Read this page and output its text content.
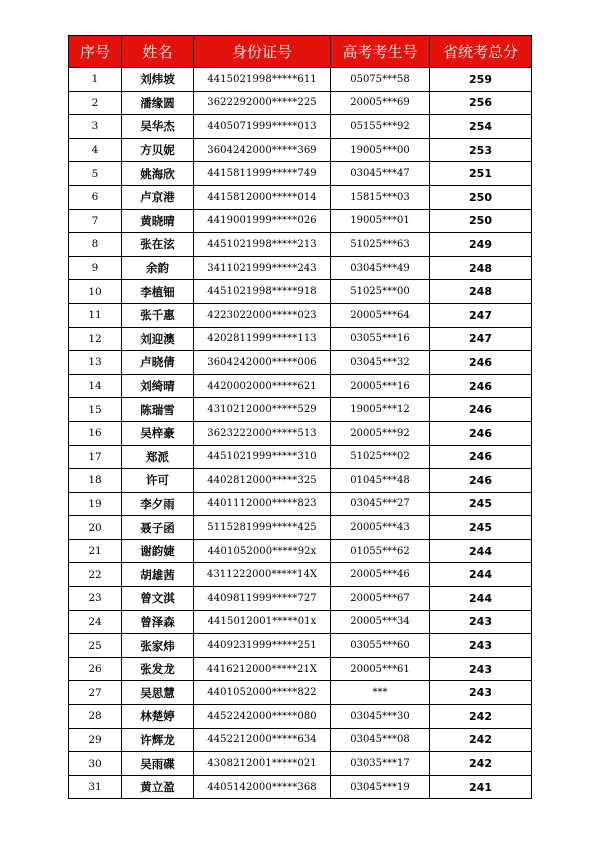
序号	姓名	身份证号	高考考生号	省统考总分
1	刘炜坡	4415021998*****611	05075***58	259
2	潘缘圆	3622292000*****225	20005***69	256
3	吴华杰	4405071999*****013	05155***92	254
4	方贝妮	3604242000*****369	19005***00	253
5	姚海欣	4415811999*****749	03045***47	251
6	卢京港	4415812000*****014	15815***03	250
7	黄晓晴	4419001999*****026	19005***01	250
8	张在泫	4451021998*****213	51025***63	249
9	余韵	3411021999*****243	03045***49	248
10	李植钿	4451021998*****918	51025***00	248
11	张千惠	4223022000*****023	20005***64	247
12	刘迎澳	4202811999*****113	03055***16	247
13	卢晓倩	3604242000*****006	03045***32	246
14	刘绮晴	4420002000*****621	20005***16	246
15	陈瑞雪	4310212000*****529	19005***12	246
16	吴梓豪	3623222000*****513	20005***92	246
17	郑派	4451021999*****310	51025***02	246
18	许可	4402812000*****325	01045***48	246
19	李夕雨	4401112000*****823	03045***27	245
20	聂子函	5115281999*****425	20005***43	245
21	谢韵婕	4401052000*****92x	01055***62	244
22	胡雄茜	4311222000*****14X	20005***46	244
23	曾文淇	4409811999*****727	20005***67	244
24	曾泽森	4415012001*****01x	20005***34	243
25	张家炜	4409231999*****251	03055***60	243
26	张发龙	4416212000*****21X	20005***61	243
27	吴思慧	4401052000*****822	***	243
28	林楚婷	4452242000*****080	03045***30	242
29	许辉龙	4452212000*****634	03045***08	242
30	吴雨碟	4308212001*****021	03035***17	242
31	黄立盈	4405142000*****368	03045***19	241
